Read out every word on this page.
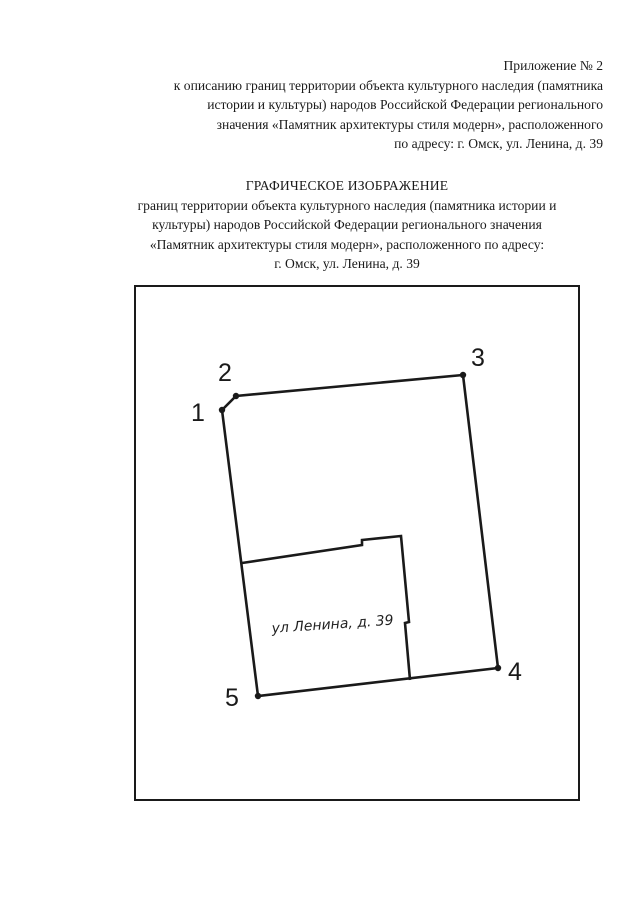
Приложение № 2
к описанию границ территории объекта культурного наследия (памятника
истории и культуры) народов Российской Федерации регионального
значения «Памятник архитектуры стиля модерн», расположенного
по адресу: г. Омск, ул. Ленина, д. 39
ГРАФИЧЕСКОЕ ИЗОБРАЖЕНИЕ
границ территории объекта культурного наследия (памятника истории и
культуры) народов Российской Федерации регионального значения
«Памятник архитектуры стиля модерн», расположенного по адресу:
г. Омск, ул. Ленина, д. 39
1
2
3
4
5
ул Ленина, д. 39
